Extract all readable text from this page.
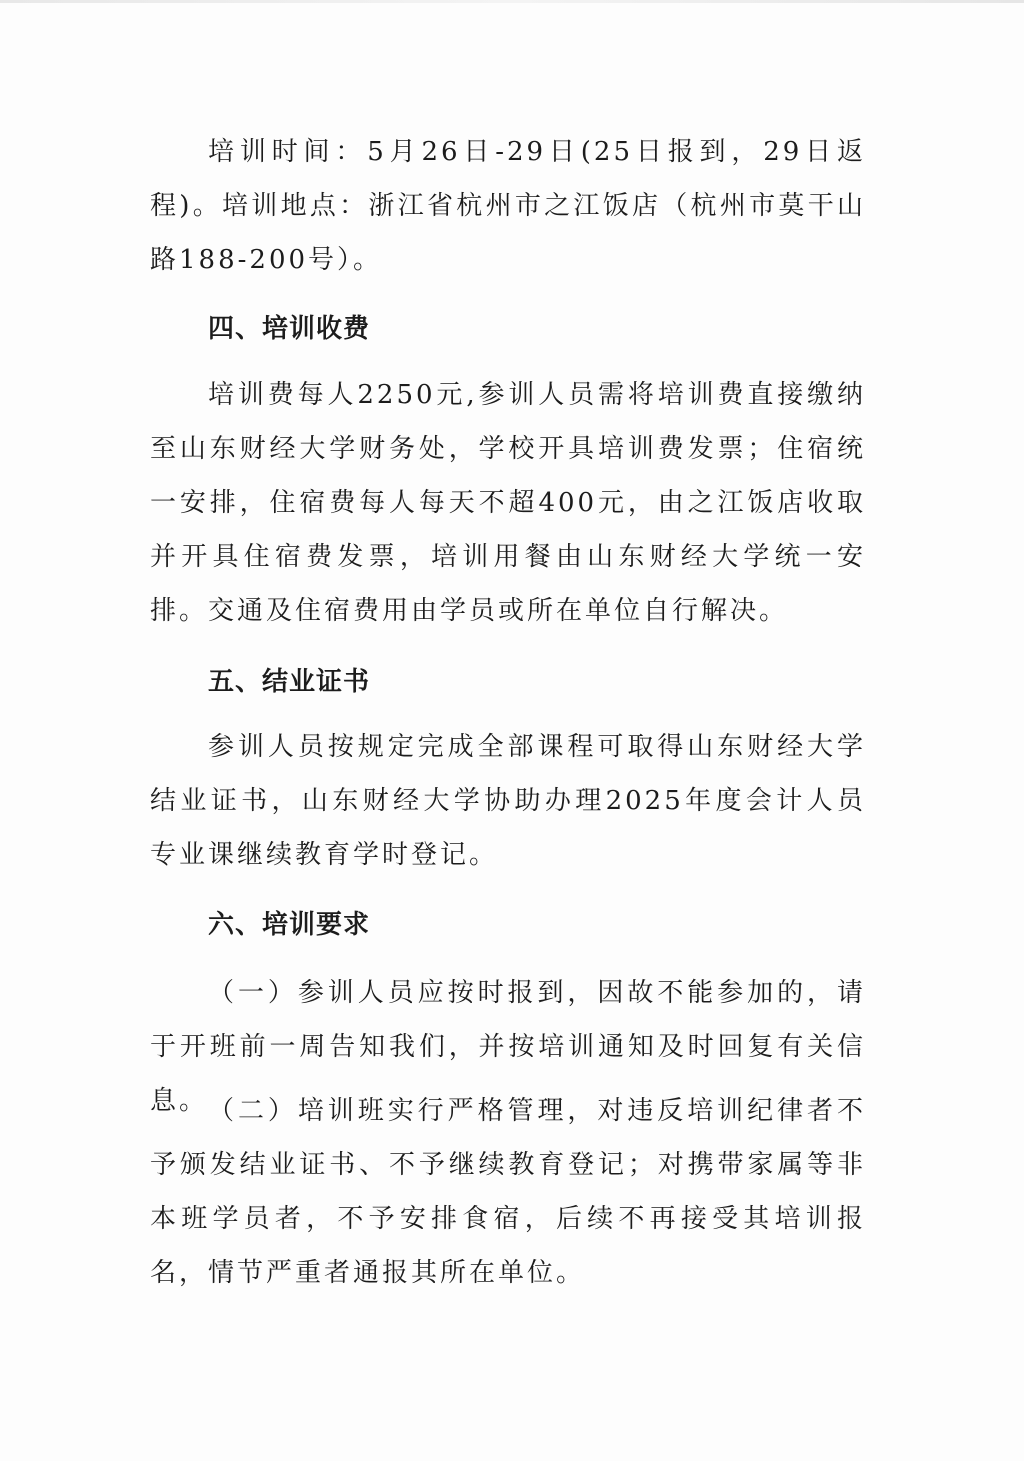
培训时间：5月26日-29日(25日报到，29日返程)。培训地点：浙江省杭州市之江饭店（杭州市莫干山路188-200号）。

四、培训收费

培训费每人2250元,参训人员需将培训费直接缴纳至山东财经大学财务处，学校开具培训费发票；住宿统一安排，住宿费每人每天不超400元，由之江饭店收取并开具住宿费发票，培训用餐由山东财经大学统一安排。交通及住宿费用由学员或所在单位自行解决。

五、结业证书

参训人员按规定完成全部课程可取得山东财经大学结业证书，山东财经大学协助办理2025年度会计人员专业课继续教育学时登记。

六、培训要求

（一）参训人员应按时报到，因故不能参加的，请于开班前一周告知我们，并按培训通知及时回复有关信息。 （二）培训班实行严格管理，对违反培训纪律者不予颁发结业证书、不予继续教育登记；对携带家属等非本班学员者，不予安排食宿，后续不再接受其培训报名，情节严重者通报其所在单位。
